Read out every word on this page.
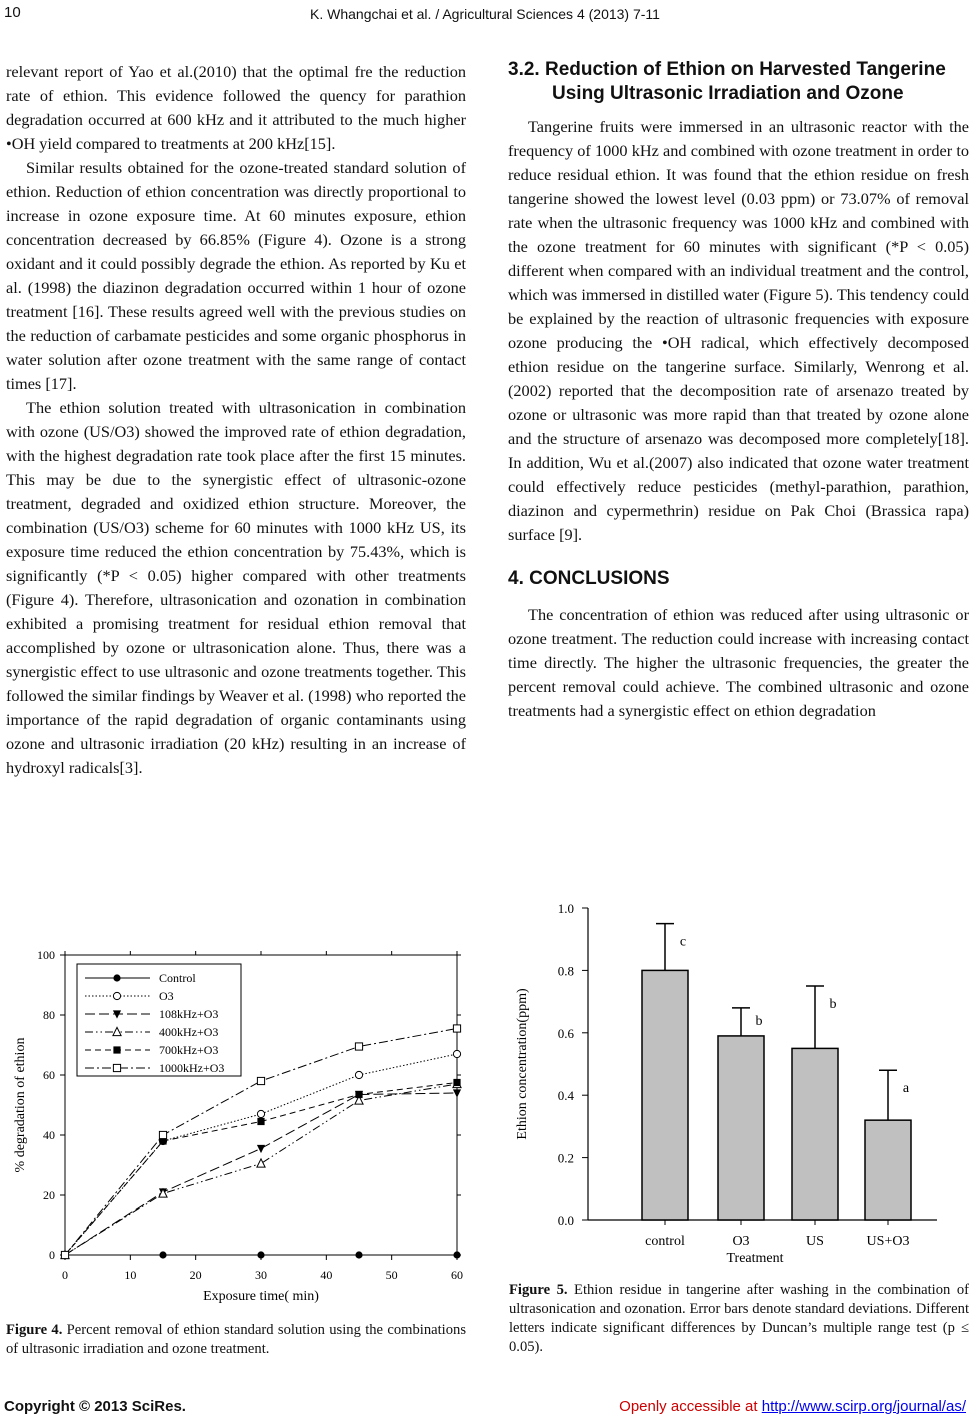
10	K. Whangchai et al. / Agricultural Sciences 4 (2013) 7-11

relevant report of Yao et al.(2010) that the optimal fre the reduction rate of ethion. This evidence followed the quency for parathion degradation occurred at 600 kHz and it attributed to the much higher •OH yield compared to treatments at 200 kHz[15].

Similar results obtained for the ozone-treated standard solution of ethion. Reduction of ethion concentration was directly proportional to increase in ozone exposure time. At 60 minutes exposure, ethion concentration decreased by 66.85% (Figure 4). Ozone is a strong oxidant and it could possibly degrade the ethion. As reported by Ku et al. (1998) the diazinon degradation occurred within 1 hour of ozone treatment [16]. These results agreed well with the previous studies on the reduction of carbamate pesticides and some organic phosphorus in water solution after ozone treatment with the same range of contact times [17].

The ethion solution treated with ultrasonication in combination with ozone (US/O3) showed the improved rate of ethion degradation, with the highest degradation rate took place after the first 15 minutes. This may be due to the synergistic effect of ultrasonic-ozone treatment, degraded and oxidized ethion structure. Moreover, the combination (US/O3) scheme for 60 minutes with 1000 kHz US, its exposure time reduced the ethion concentration by 75.43%, which is significantly (*P < 0.05) higher compared with other treatments (Figure 4). Therefore, ultrasonication and ozonation in combination exhibited a promising treatment for residual ethion removal that accomplished by ozone or ultrasonication alone. Thus, there was a synergistic effect to use ultrasonic and ozone treatments together. This followed the similar findings by Weaver et al. (1998) who reported the importance of the rapid degradation of organic contaminants using ozone and ultrasonic irradiation (20 kHz) resulting in an increase of hydroxyl radicals[3].

3.2. Reduction of Ethion on Harvested Tangerine Using Ultrasonic Irradiation and Ozone

Tangerine fruits were immersed in an ultrasonic reactor with the frequency of 1000 kHz and combined with ozone treatment in order to reduce residual ethion. It was found that the ethion residue on fresh tangerine showed the lowest level (0.03 ppm) or 73.07% of removal rate when the ultrasonic frequency was 1000 kHz and combined with the ozone treatment for 60 minutes with significant (*P < 0.05) different when compared with an individual treatment and the control, which was immersed in distilled water (Figure 5). This tendency could be explained by the reaction of ultrasonic frequencies with exposure ozone producing the •OH radical, which effectively decomposed ethion residue on the tangerine surface. Similarly, Wenrong et al. (2002) reported that the decomposition rate of arsenazo treated by ozone or ultrasonic was more rapid than that treated by ozone alone and the structure of arsenazo was decomposed more completely[18]. In addition, Wu et al.(2007) also indicated that ozone water treatment could effectively reduce pesticides (methyl-parathion, parathion, diazinon and cypermethrin) residue on Pak Choi (Brassica rapa) surface [9].

4. CONCLUSIONS

The concentration of ethion was reduced after using ultrasonic or ozone treatment. The reduction could increase with increasing contact time directly. The higher the ultrasonic frequencies, the greater the percent removal could achieve. The combined ultrasonic and ozone treatments had a synergistic effect on ethion degradation

0	10	20	30	40	50	60
0
20
40
60
80
100
Exposure time( min)
% degradation of ethion
Control
O3
108kHz+O3
400kHz+O3
700kHz+O3
1000kHz+O3
Figure 4. Percent removal of ethion standard solution using the combinations of ultrasonic irradiation and ozone treatment.
0.0
0.2
0.4
0.6
0.8
1.0
c
control
b
O3
b
US
a
US+O3
Treatment
Ethion concentration(ppm)
Figure 5. Ethion residue in tangerine after washing in the combination of ultrasonication and ozonation. Error bars denote standard deviations. Different letters indicate significant differences by Duncan’s multiple range test (p ≤ 0.05).
Copyright © 2013 SciRes.	Openly accessible at http://www.scirp.org/journal/as/
